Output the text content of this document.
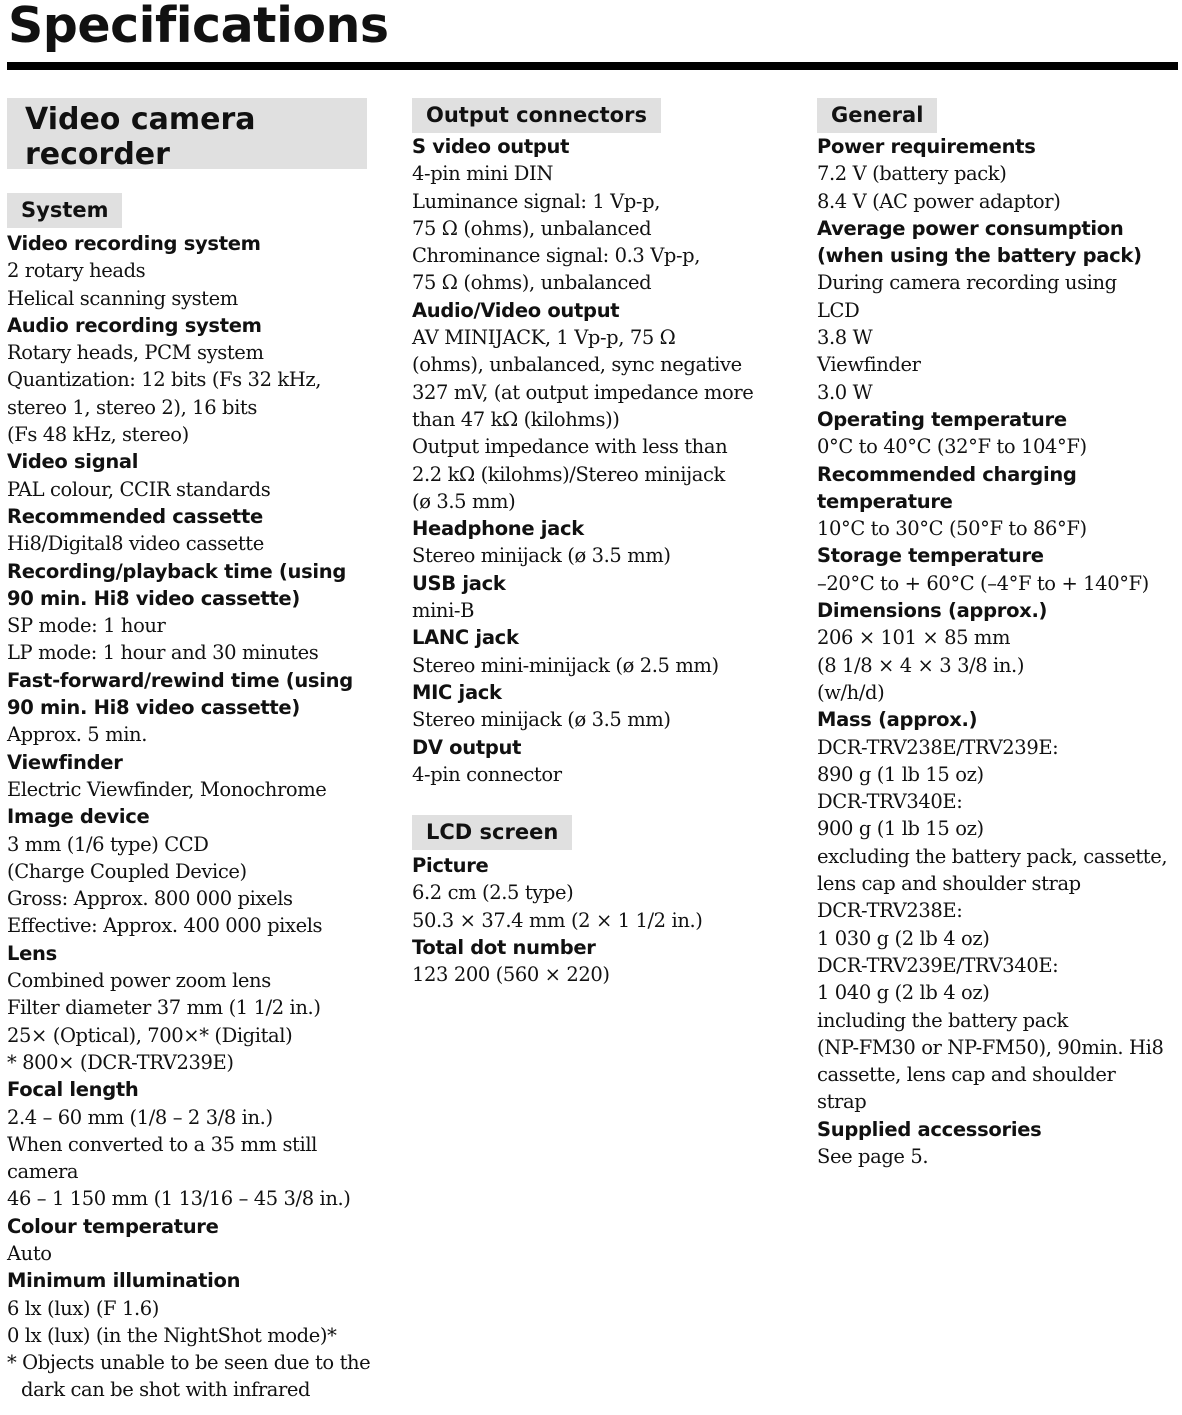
Specifications
Video camera
recorder
System
Video recording system
2 rotary heads
Helical scanning system
Audio recording system
Rotary heads, PCM system
Quantization: 12 bits (Fs 32 kHz,
stereo 1, stereo 2), 16 bits
(Fs 48 kHz, stereo)
Video signal
PAL colour, CCIR standards
Recommended cassette
Hi8/Digital8 video cassette
Recording/playback time (using
90 min. Hi8 video cassette)
SP mode: 1 hour
LP mode: 1 hour and 30 minutes
Fast-forward/rewind time (using
90 min. Hi8 video cassette)
Approx. 5 min.
Viewfinder
Electric Viewfinder, Monochrome
Image device
3 mm (1/6 type) CCD
(Charge Coupled Device)
Gross: Approx. 800 000 pixels
Effective: Approx. 400 000 pixels
Lens
Combined power zoom lens
Filter diameter 37 mm (1 1/2 in.)
25× (Optical), 700×* (Digital)
* 800× (DCR-TRV239E)
Focal length
2.4 – 60 mm (1/8 – 2 3/8 in.)
When converted to a 35 mm still
camera
46 – 1 150 mm (1 13/16 – 45 3/8 in.)
Colour temperature
Auto
Minimum illumination
6 lx (lux) (F 1.6)
0 lx (lux) (in the NightShot mode)*
* Objects unable to be seen due to the dark can be shot with infrared
Output connectors
S video output
4-pin mini DIN
Luminance signal: 1 Vp-p,
75 Ω (ohms), unbalanced
Chrominance signal: 0.3 Vp-p,
75 Ω (ohms), unbalanced
Audio/Video output
AV MINIJACK, 1 Vp-p, 75 Ω
(ohms), unbalanced, sync negative
327 mV, (at output impedance more
than 47 kΩ (kilohms))
Output impedance with less than
2.2 kΩ (kilohms)/Stereo minijack
(ø 3.5 mm)
Headphone jack
Stereo minijack (ø 3.5 mm)
USB jack
mini-B
LANC jack
Stereo mini-minijack (ø 2.5 mm)
MIC jack
Stereo minijack (ø 3.5 mm)
DV output
4-pin connector
LCD screen
Picture
6.2 cm (2.5 type)
50.3 × 37.4 mm (2 × 1 1/2 in.)
Total dot number
123 200 (560 × 220)
General
Power requirements
7.2 V (battery pack)
8.4 V (AC power adaptor)
Average power consumption
(when using the battery pack)
During camera recording using
LCD
3.8 W
Viewfinder
3.0 W
Operating temperature
0°C to 40°C (32°F to 104°F)
Recommended charging
temperature
10°C to 30°C (50°F to 86°F)
Storage temperature
–20°C to + 60°C (–4°F to + 140°F)
Dimensions (approx.)
206 × 101 × 85 mm
(8 1/8 × 4 × 3 3/8 in.)
(w/h/d)
Mass (approx.)
DCR-TRV238E/TRV239E:
890 g (1 lb 15 oz)
DCR-TRV340E:
900 g (1 lb 15 oz)
excluding the battery pack, cassette,
lens cap and shoulder strap
DCR-TRV238E:
1 030 g (2 lb 4 oz)
DCR-TRV239E/TRV340E:
1 040 g (2 lb 4 oz)
including the battery pack
(NP-FM30 or NP-FM50), 90min. Hi8
cassette, lens cap and shoulder
strap
Supplied accessories
See page 5.
